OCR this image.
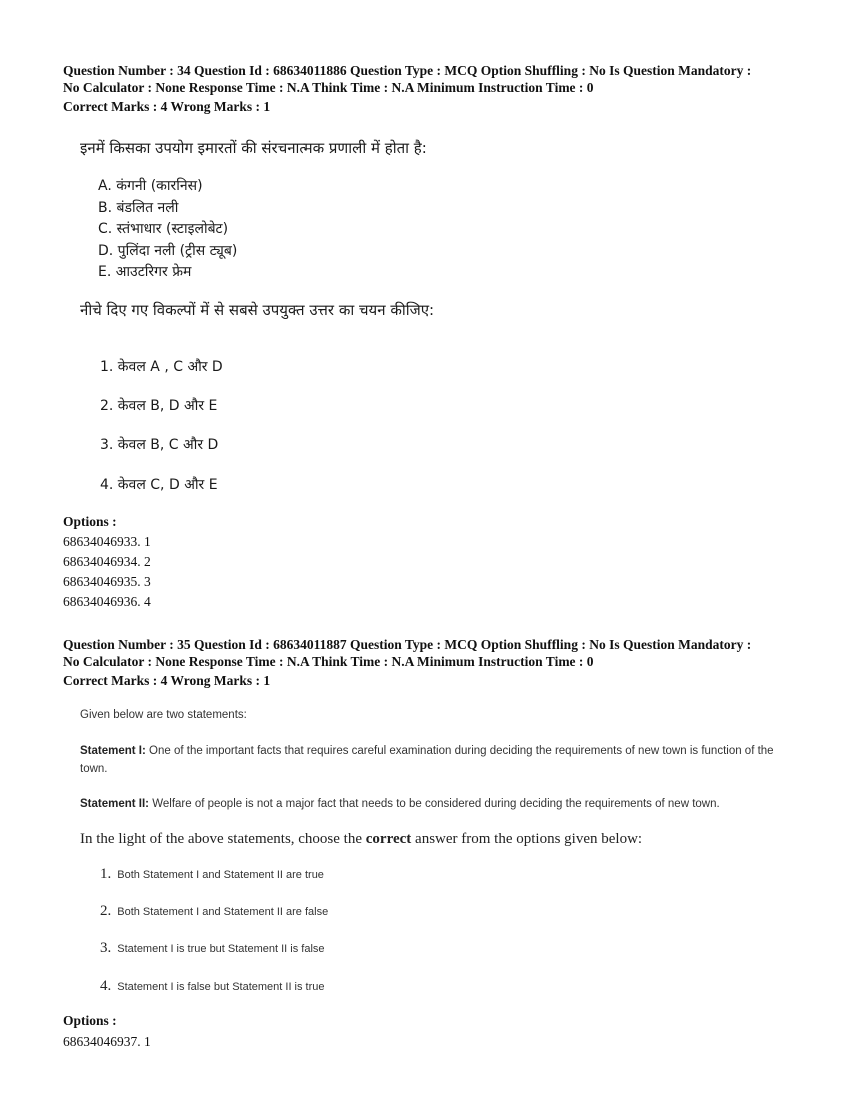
Question Number : 34 Question Id : 68634011886 Question Type : MCQ Option Shuffling : No Is Question Mandatory :
No Calculator : None Response Time : N.A Think Time : N.A Minimum Instruction Time : 0
Correct Marks : 4 Wrong Marks : 1
इनमें किसका उपयोग इमारतों की संरचनात्मक प्रणाली में होता है:
A. कंगनी (कारनिस)
B. बंडलित नली
C. स्तंभाधार (स्टाइलोबेट)
D. पुलिंदा नली (ट्रीस ट्यूब)
E. आउटरिगर फ्रेम
नीचे दिए गए विकल्पों में से सबसे उपयुक्त उत्तर का चयन कीजिए:
1. केवल A , C और D
2. केवल B, D और E
3. केवल B, C और D
4. केवल C, D और E
Options :
68634046933. 1
68634046934. 2
68634046935. 3
68634046936. 4
Question Number : 35 Question Id : 68634011887 Question Type : MCQ Option Shuffling : No Is Question Mandatory :
No Calculator : None Response Time : N.A Think Time : N.A Minimum Instruction Time : 0
Correct Marks : 4 Wrong Marks : 1
Given below are two statements:
Statement I: One of the important facts that requires careful examination during deciding the requirements of new town is function of the town.
Statement II: Welfare of people is not a major fact that needs to be considered during deciding the requirements of new town.
In the light of the above statements, choose the correct answer from the options given below:
1. Both Statement I and Statement II are true
2. Both Statement I and Statement II are false
3. Statement I is true but Statement II is false
4. Statement I is false but Statement II is true
Options :
68634046937. 1
